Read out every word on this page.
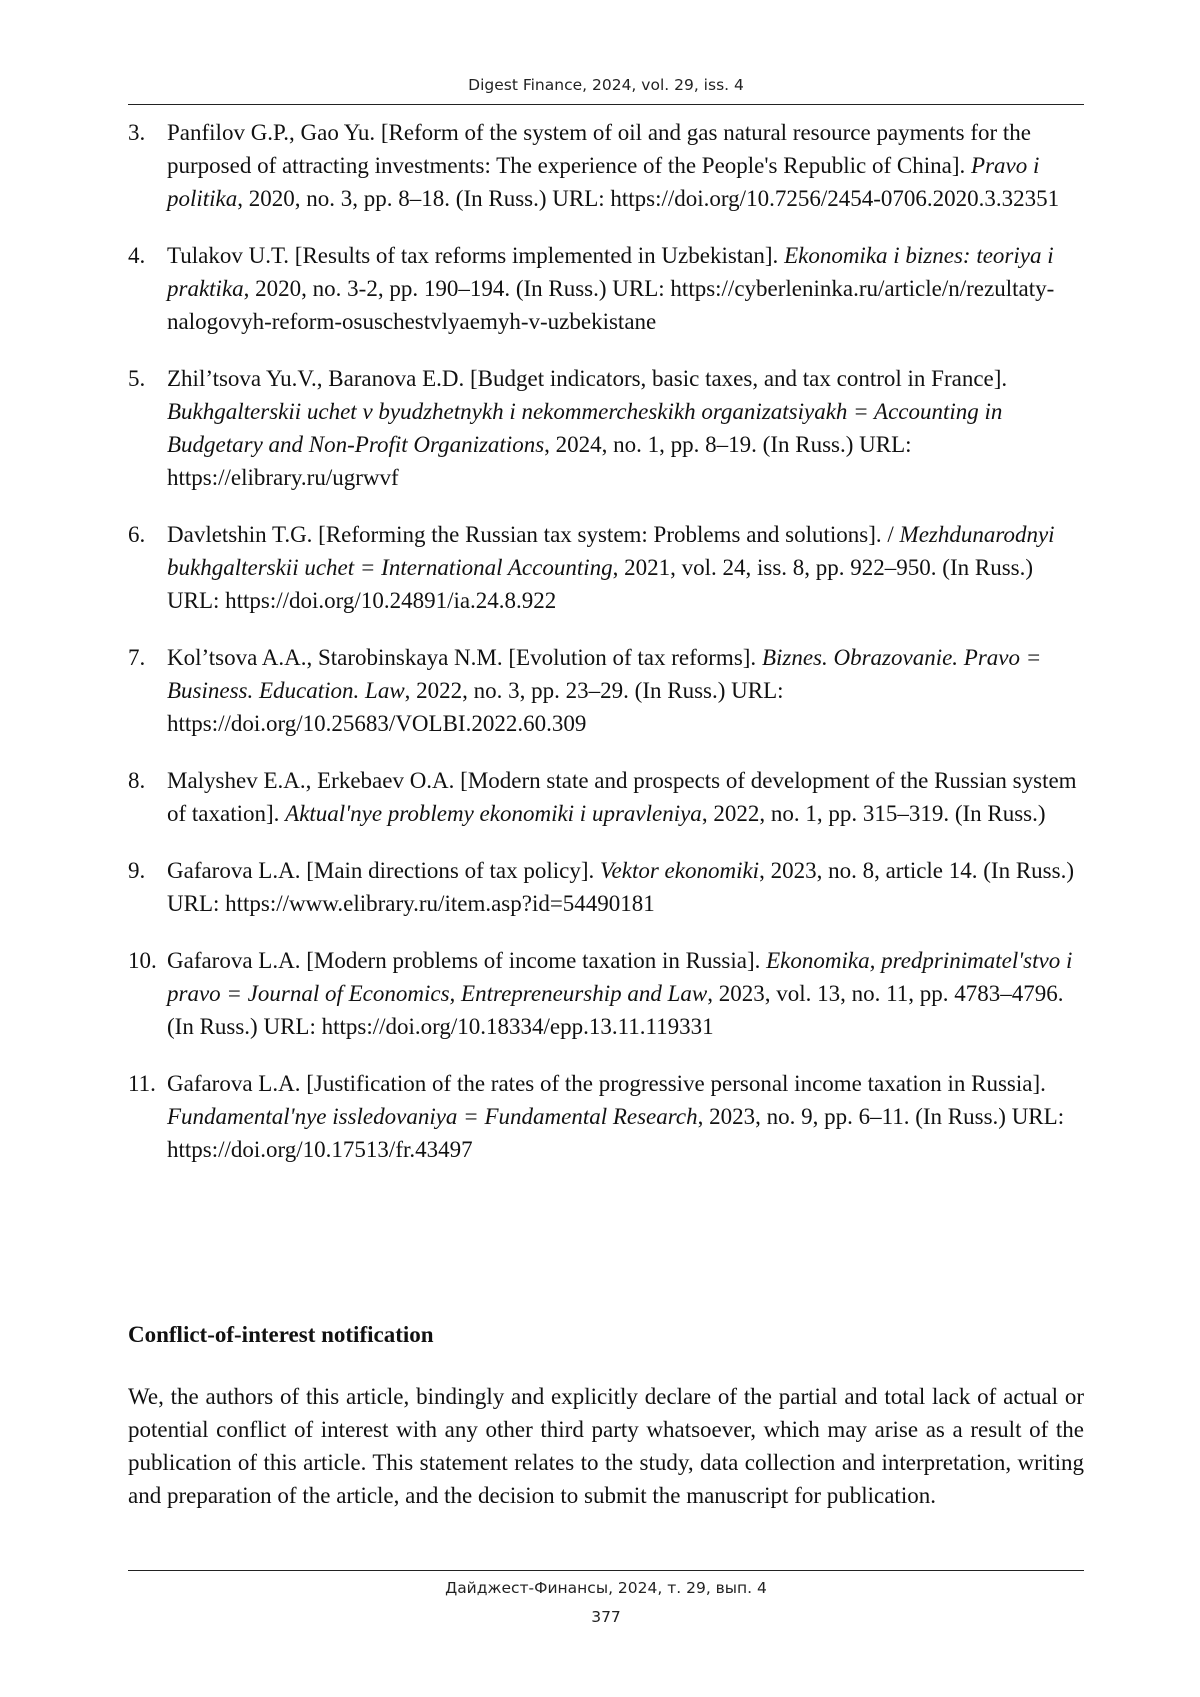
Digest Finance, 2024, vol. 29, iss. 4
3. Panfilov G.P., Gao Yu. [Reform of the system of oil and gas natural resource payments for the purposed of attracting investments: The experience of the People's Republic of China]. Pravo i politika, 2020, no. 3, pp. 8–18. (In Russ.) URL: https://doi.org/10.7256/2454-0706.2020.3.32351
4. Tulakov U.T. [Results of tax reforms implemented in Uzbekistan]. Ekonomika i biznes: teoriya i praktika, 2020, no. 3-2, pp. 190–194. (In Russ.) URL: https://cyberleninka.ru/article/n/rezultaty-nalogovyh-reform-osuschestvlyaemyh-v-uzbekistane
5. Zhil’tsova Yu.V., Baranova E.D. [Budget indicators, basic taxes, and tax control in France]. Bukhgalterskii uchet v byudzhetnykh i nekommercheskikh organizatsiyakh = Accounting in Budgetary and Non-Profit Organizations, 2024, no. 1, pp. 8–19. (In Russ.) URL: https://elibrary.ru/ugrwvf
6. Davletshin T.G. [Reforming the Russian tax system: Problems and solutions]. / Mezhdunarodnyi bukhgalterskii uchet = International Accounting, 2021, vol. 24, iss. 8, pp. 922–950. (In Russ.) URL: https://doi.org/10.24891/ia.24.8.922
7. Kol’tsova A.A., Starobinskaya N.M. [Evolution of tax reforms]. Biznes. Obrazovanie. Pravo = Business. Education. Law, 2022, no. 3, pp. 23–29. (In Russ.) URL: https://doi.org/10.25683/VOLBI.2022.60.309
8. Malyshev E.A., Erkebaev O.A. [Modern state and prospects of development of the Russian system of taxation]. Aktual'nye problemy ekonomiki i upravleniya, 2022, no. 1, pp. 315–319. (In Russ.)
9. Gafarova L.A. [Main directions of tax policy]. Vektor ekonomiki, 2023, no. 8, article 14. (In Russ.) URL: https://www.elibrary.ru/item.asp?id=54490181
10. Gafarova L.A. [Modern problems of income taxation in Russia]. Ekonomika, predprinimatel'stvo i pravo = Journal of Economics, Entrepreneurship and Law, 2023, vol. 13, no. 11, pp. 4783–4796. (In Russ.) URL: https://doi.org/10.18334/epp.13.11.119331
11. Gafarova L.A. [Justification of the rates of the progressive personal income taxation in Russia]. Fundamental'nye issledovaniya = Fundamental Research, 2023, no. 9, pp. 6–11. (In Russ.) URL: https://doi.org/10.17513/fr.43497
Conflict-of-interest notification

We, the authors of this article, bindingly and explicitly declare of the partial and total lack of actual or potential conflict of interest with any other third party whatsoever, which may arise as a result of the publication of this article. This statement relates to the study, data collection and interpretation, writing and preparation of the article, and the decision to submit the manuscript for publication.

Дайджест-Финансы, 2024, т. 29, вып. 4
377
